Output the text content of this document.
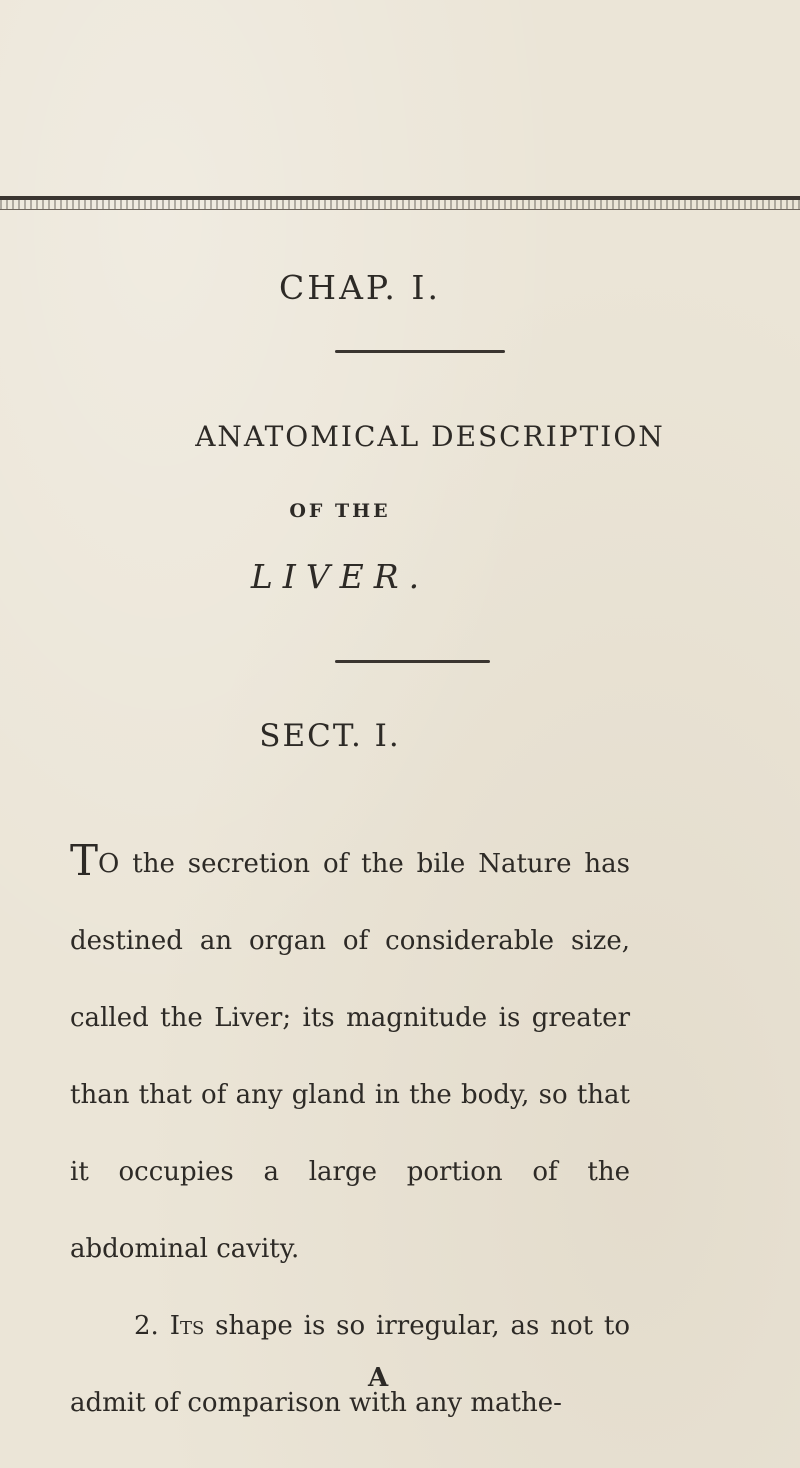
CHAP. I.
ANATOMICAL DESCRIPTION
OF THE
LIVER.
SECT. I.

TO the secretion of the bile Nature has destined an organ of considerable size, called the Liver; its magnitude is greater than that of any gland in the body, so that it occupies a large portion of the abdominal cavity.

2. Its shape is so irregular, as not to admit of comparison with any mathe-

A
